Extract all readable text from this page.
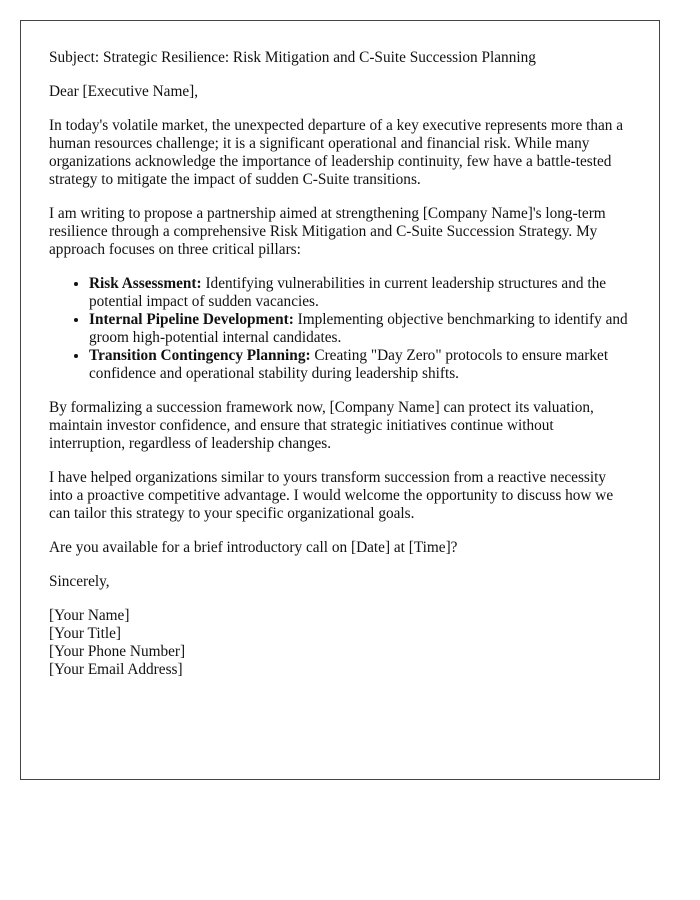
Subject: Strategic Resilience: Risk Mitigation and C-Suite Succession Planning

Dear [Executive Name],

In today's volatile market, the unexpected departure of a key executive represents more than a human resources challenge; it is a significant operational and financial risk. While many organizations acknowledge the importance of leadership continuity, few have a battle-tested strategy to mitigate the impact of sudden C-Suite transitions.

I am writing to propose a partnership aimed at strengthening [Company Name]'s long-term resilience through a comprehensive Risk Mitigation and C-Suite Succession Strategy. My approach focuses on three critical pillars:

• Risk Assessment: Identifying vulnerabilities in current leadership structures and the potential impact of sudden vacancies.
• Internal Pipeline Development: Implementing objective benchmarking to identify and groom high-potential internal candidates.
• Transition Contingency Planning: Creating "Day Zero" protocols to ensure market confidence and operational stability during leadership shifts.

By formalizing a succession framework now, [Company Name] can protect its valuation, maintain investor confidence, and ensure that strategic initiatives continue without interruption, regardless of leadership changes.

I have helped organizations similar to yours transform succession from a reactive necessity into a proactive competitive advantage. I would welcome the opportunity to discuss how we can tailor this strategy to your specific organizational goals.

Are you available for a brief introductory call on [Date] at [Time]?

Sincerely,

[Your Name]
[Your Title]
[Your Phone Number]
[Your Email Address]
